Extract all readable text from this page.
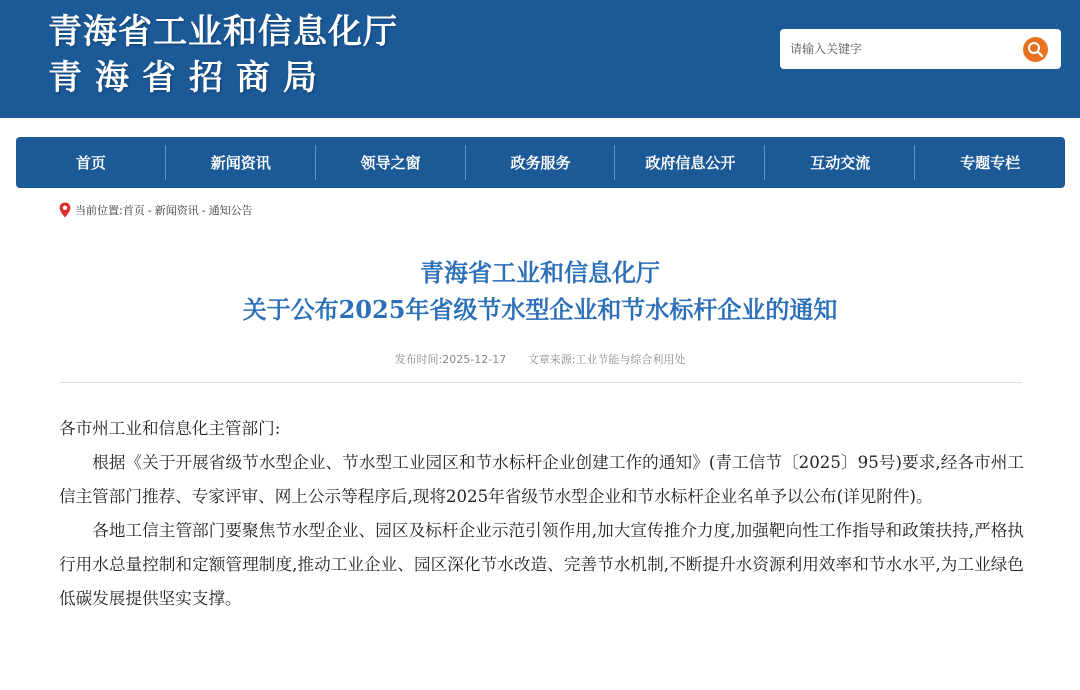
青海省工业和信息化厅
青海省招商局
请输入关键字
首页	新闻资讯	领导之窗	政务服务	政府信息公开	互动交流	专题专栏
当前位置: 首页 - 新闻资讯 - 通知公告
青海省工业和信息化厅
关于公布2025年省级节水型企业和节水标杆企业的通知
发布时间:2025-12-17 文章来源:工业节能与综合利用处

各市州工业和信息化主管部门:

根据《关于开展省级节水型企业、节水型工业园区和节水标杆企业创建工作的通知》(青工信节〔2025〕95号)要求,经各市州工信主管部门推荐、专家评审、网上公示等程序后,现将2025年省级节水型企业和节水标杆企业名单予以公布(详见附件)。

各地工信主管部门要聚焦节水型企业、园区及标杆企业示范引领作用,加大宣传推介力度,加强靶向性工作指导和政策扶持,严格执行用水总量控制和定额管理制度,推动工业企业、园区深化节水改造、完善节水机制,不断提升水资源利用效率和节水水平,为工业绿色低碳发展提供坚实支撑。
